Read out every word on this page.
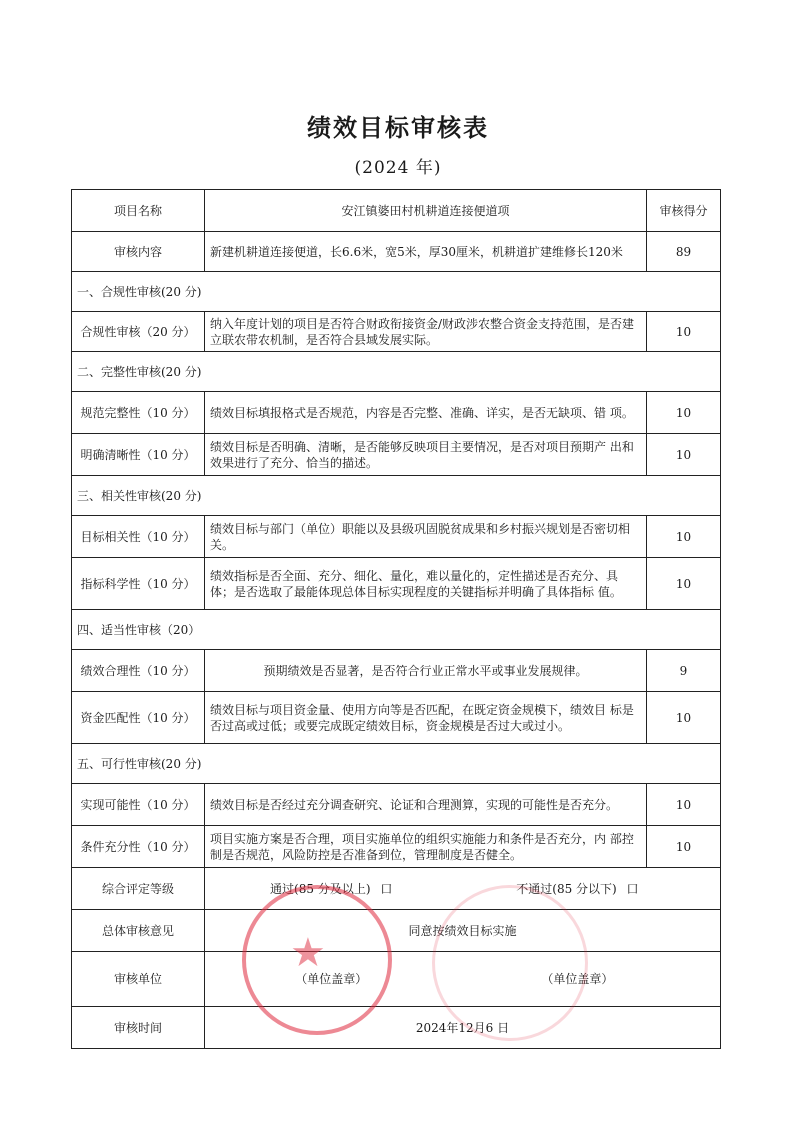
绩效目标审核表
(2024 年)
项目名称	安江镇婆田村机耕道连接便道项	审核得分
审核内容	新建机耕道连接便道，长6.6米，宽5米，厚30厘米，机耕道扩建维修长120米	89
一、合规性审核(20 分)		
合规性审核（20 分）	纳入年度计划的项目是否符合财政衔接资金/财政涉农整合资金支持范围，是否建立联农带农机制，是否符合县域发展实际。	10
二、完整性审核(20 分)		
规范完整性（10 分）	绩效目标填报格式是否规范，内容是否完整、准确、详实，是否无缺项、错 项。	10
明确清晰性（10 分）	绩效目标是否明确、清晰，是否能够反映项目主要情况，是否对项目预期产 出和效果进行了充分、恰当的描述。	10
三、相关性审核(20 分)		
目标相关性（10 分）	绩效目标与部门（单位）职能以及县级巩固脱贫成果和乡村振兴规划是否密切相关。	10
指标科学性（10 分）	绩效指标是否全面、充分、细化、量化，难以量化的，定性描述是否充分、具体；是否选取了最能体现总体目标实现程度的关键指标并明确了具体指标 值。	10
四、适当性审核（20）		
绩效合理性（10 分）	预期绩效是否显著，是否符合行业正常水平或事业发展规律。	9
资金匹配性（10 分）	绩效目标与项目资金量、使用方向等是否匹配，在既定资金规模下，绩效目 标是否过高或过低；或要完成既定绩效目标，资金规模是否过大或过小。	10
五、可行性审核(20 分)		
实现可能性（10 分）	绩效目标是否经过充分调查研究、论证和合理测算，实现的可能性是否充分。	10
条件充分性（10 分）	项目实施方案是否合理，项目实施单位的组织实施能力和条件是否充分，内 部控制是否规范，风险防控是否准备到位，管理制度是否健全。	10
综合评定等级	通过(85 分及以上) 口 不通过(85 分以下) 口	
总体审核意见	同意按绩效目标实施	
审核单位	（单位盖章） （单位盖章）	
审核时间	2024年12月6 日	
★
